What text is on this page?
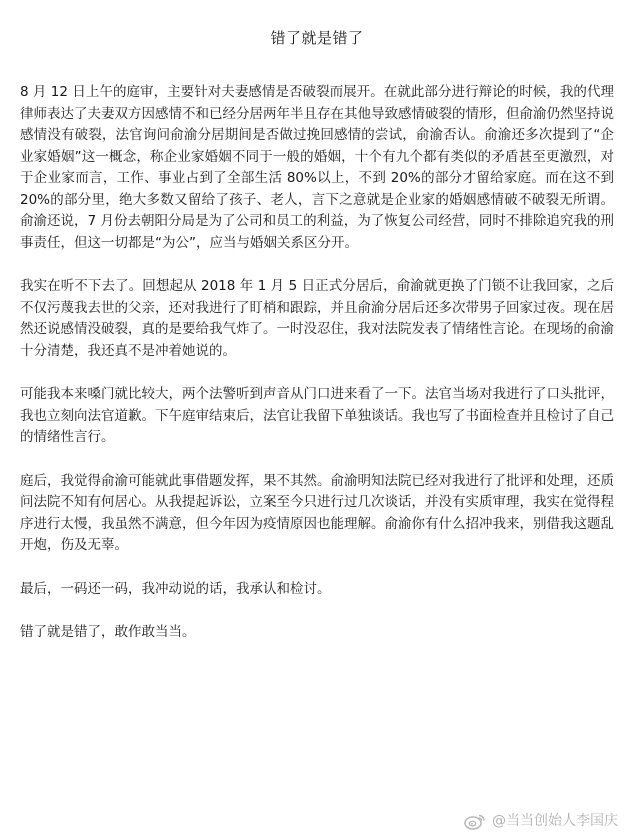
错了就是错了

8 月 12 日上午的庭审，主要针对夫妻感情是否破裂而展开。在就此部分进行辩论的时候，我的代理律师表达了夫妻双方因感情不和已经分居两年半且存在其他导致感情破裂的情形，但俞渝仍然坚持说感情没有破裂，法官询问俞渝分居期间是否做过挽回感情的尝试，俞渝否认。俞渝还多次提到了“企业家婚姻”这一概念，称企业家婚姻不同于一般的婚姻，十个有九个都有类似的矛盾甚至更激烈，对于企业家而言，工作、事业占到了全部生活 80%以上，不到 20%的部分才留给家庭。而在这不到 20%的部分里，绝大多数又留给了孩子、老人，言下之意就是企业家的婚姻感情破不破裂无所谓。俞渝还说，7 月份去朝阳分局是为了公司和员工的利益，为了恢复公司经营，同时不排除追究我的刑事责任，但这一切都是“为公”，应当与婚姻关系区分开。

我实在听不下去了。回想起从 2018 年 1 月 5 日正式分居后，俞渝就更换了门锁不让我回家，之后不仅污蔑我去世的父亲，还对我进行了盯梢和跟踪，并且俞渝分居后还多次带男子回家过夜。现在居然还说感情没破裂，真的是要给我气炸了。一时没忍住，我对法院发表了情绪性言论。在现场的俞渝十分清楚，我还真不是冲着她说的。

可能我本来嗓门就比较大，两个法警听到声音从门口进来看了一下。法官当场对我进行了口头批评，我也立刻向法官道歉。下午庭审结束后，法官让我留下单独谈话。我也写了书面检查并且检讨了自己的情绪性言行。

庭后，我觉得俞渝可能就此事借题发挥，果不其然。俞渝明知法院已经对我进行了批评和处理，还质问法院不知有何居心。从我提起诉讼，立案至今只进行过几次谈话，并没有实质审理，我实在觉得程序进行太慢，我虽然不满意，但今年因为疫情原因也能理解。俞渝你有什么招冲我来，别借我这题乱开炮，伤及无辜。

最后，一码还一码，我冲动说的话，我承认和检讨。

错了就是错了，敢作敢当当。

@当当创始人李国庆
